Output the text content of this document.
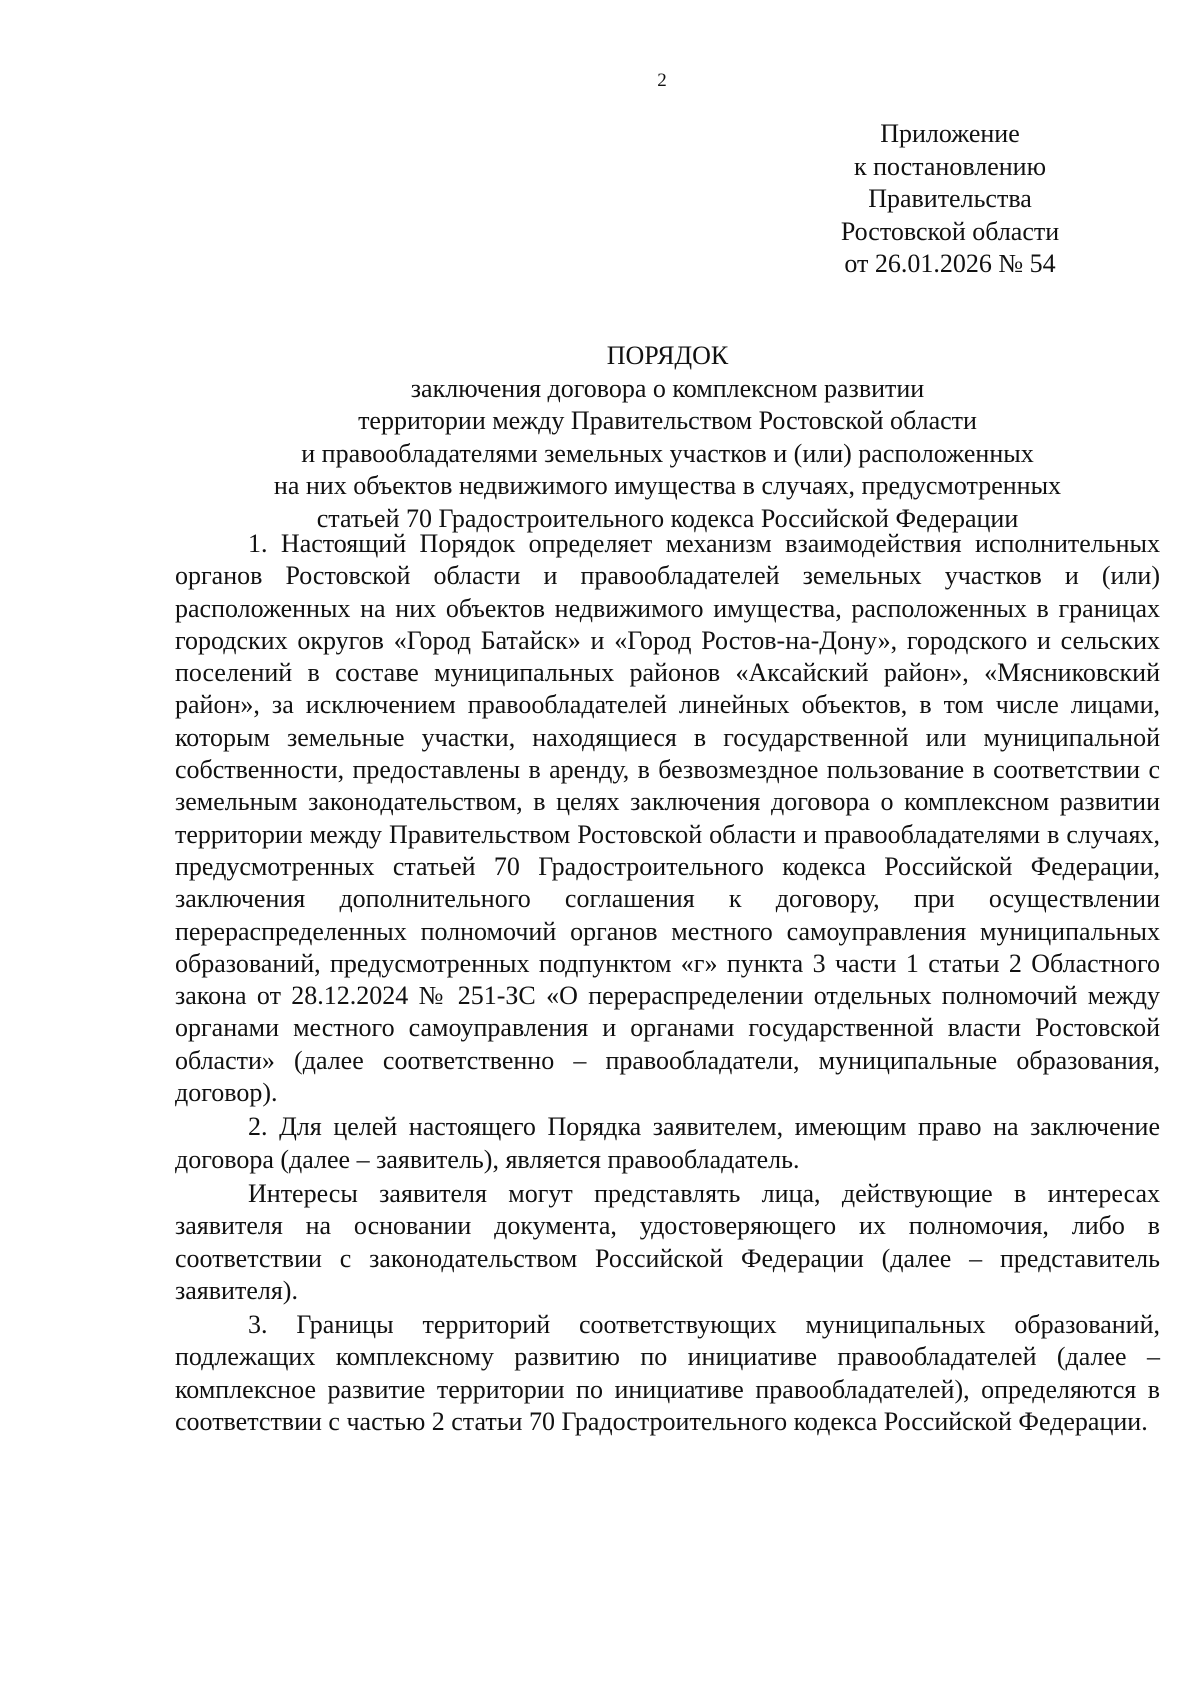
2
Приложение
к постановлению
Правительства
Ростовской области
от 26.01.2026 № 54
ПОРЯДОК
заключения договора о комплексном развитии
территории между Правительством Ростовской области
и правообладателями земельных участков и (или) расположенных
на них объектов недвижимого имущества в случаях, предусмотренных
статьей 70 Градостроительного кодекса Российской Федерации

1. Настоящий Порядок определяет механизм взаимодействия исполнительных органов Ростовской области и правообладателей земельных участков и (или) расположенных на них объектов недвижимого имущества, расположенных в границах городских округов «Город Батайск» и «Город Ростов-на-Дону», городского и сельских поселений в составе муниципальных районов «Аксайский район», «Мясниковский район», за исключением правообладателей линейных объектов, в том числе лицами, которым земельные участки, находящиеся в государственной или муниципальной собственности, предоставлены в аренду, в безвозмездное пользование в соответствии с земельным законодательством, в целях заключения договора о комплексном развитии территории между Правительством Ростовской области и правообладателями в случаях, предусмотренных статьей 70 Градостроительного кодекса Российской Федерации, заключения дополнительного соглашения к договору, при осуществлении перераспределенных полномочий органов местного самоуправления муниципальных образований, предусмотренных подпунктом «г» пункта 3 части 1 статьи 2 Областного закона от 28.12.2024 № 251-ЗС «О перераспределении отдельных полномочий между органами местного самоуправления и органами государственной власти Ростовской области» (далее соответственно – правообладатели, муниципальные образования, договор).

2. Для целей настоящего Порядка заявителем, имеющим право на заключение договора (далее – заявитель), является правообладатель.

Интересы заявителя могут представлять лица, действующие в интересах заявителя на основании документа, удостоверяющего их полномочия, либо в соответствии с законодательством Российской Федерации (далее – представитель заявителя).

3. Границы территорий соответствующих муниципальных образований, подлежащих комплексному развитию по инициативе правообладателей (далее – комплексное развитие территории по инициативе правообладателей), определяются в соответствии с частью 2 статьи 70 Градостроительного кодекса Российской Федерации.
